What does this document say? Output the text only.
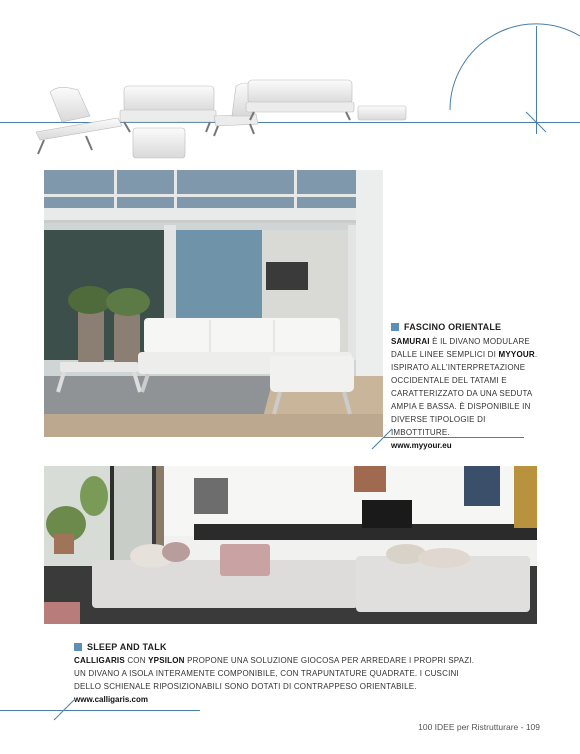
FASCINO ORIENTALE
SAMURAI È IL DIVANO MODULARE
DALLE LINEE SEMPLICI DI MYYOUR.
ISPIRATO ALL'INTERPRETAZIONE
OCCIDENTALE DEL TATAMI E
CARATTERIZZATO DA UNA SEDUTA
AMPIA E BASSA. È DISPONIBILE IN
DIVERSE TIPOLOGIE DI IMBOTTITURE.
www.myyour.eu
SLEEP AND TALK
CALLIGARIS CON YPSILON PROPONE UNA SOLUZIONE GIOCOSA PER ARREDARE I PROPRI SPAZI.
UN DIVANO A ISOLA INTERAMENTE COMPONIBILE, CON TRAPUNTATURE QUADRATE. I CUSCINI
DELLO SCHIENALE RIPOSIZIONABILI SONO DOTATI DI CONTRAPPESO ORIENTABILE.
www.calligaris.com
100 IDEE per Ristrutturare - 109
